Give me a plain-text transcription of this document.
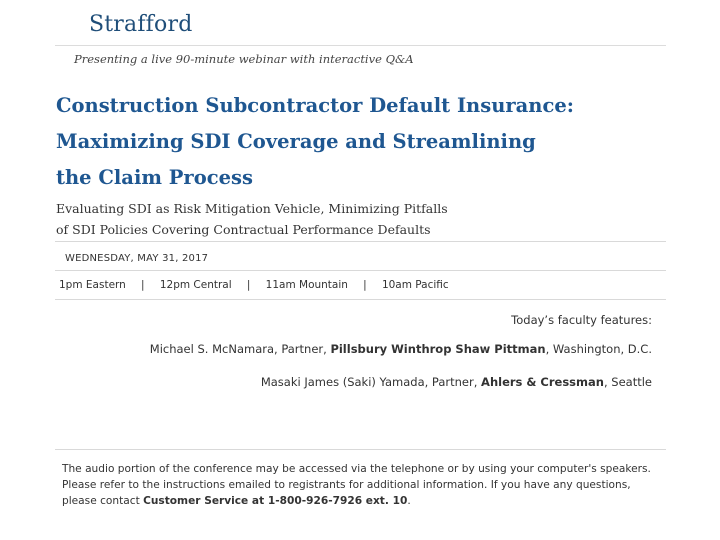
Strafford
Presenting a live 90-minute webinar with interactive Q&A
Construction Subcontractor Default Insurance:
Maximizing SDI Coverage and Streamlining
the Claim Process
Evaluating SDI as Risk Mitigation Vehicle, Minimizing Pitfalls
of SDI Policies Covering Contractual Performance Defaults
WEDNESDAY, MAY 31, 2017
1pm Eastern | 12pm Central | 11am Mountain | 10am Pacific
Today’s faculty features:
Michael S. McNamara, Partner, Pillsbury Winthrop Shaw Pittman, Washington, D.C.
Masaki James (Saki) Yamada, Partner, Ahlers & Cressman, Seattle
The audio portion of the conference may be accessed via the telephone or by using your computer's speakers. Please refer to the instructions emailed to registrants for additional information. If you have any questions, please contact Customer Service at 1-800-926-7926 ext. 10.
